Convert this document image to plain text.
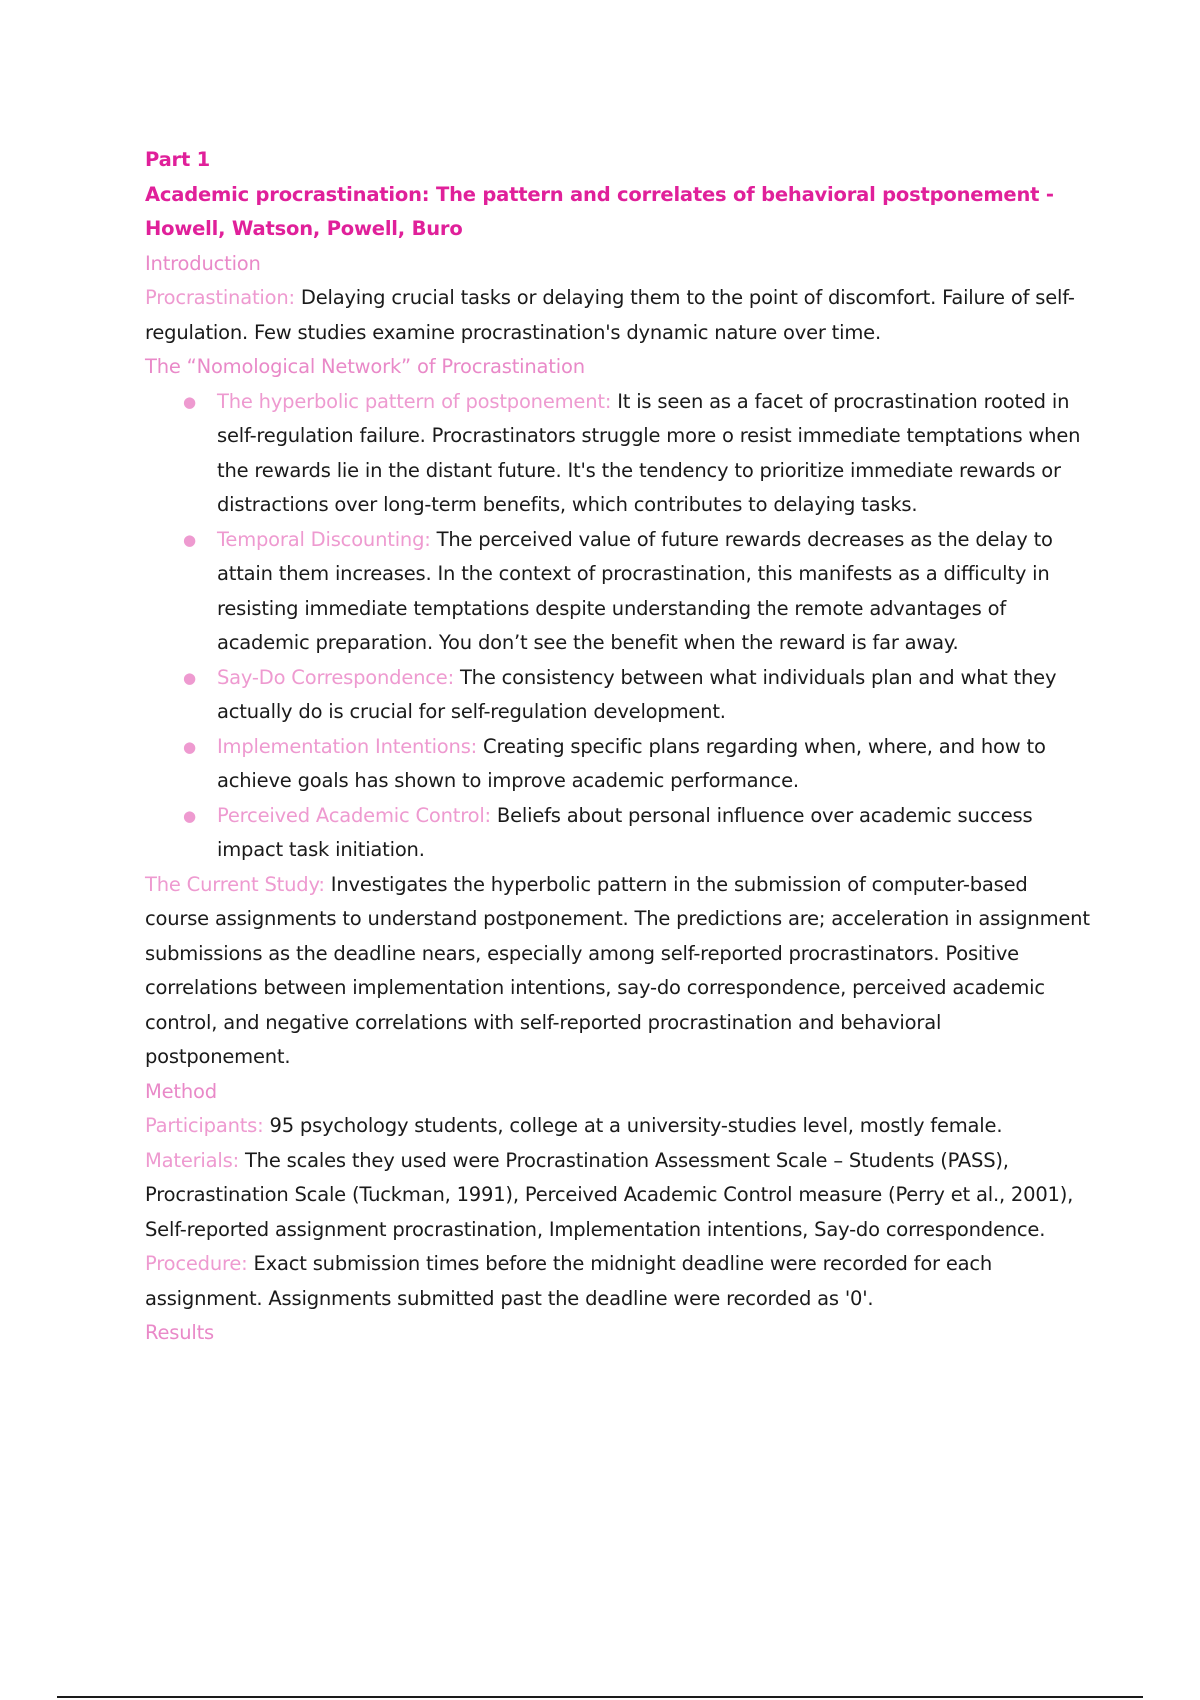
Part 1

Academic procrastination: The pattern and correlates of behavioral postponement -

Howell, Watson, Powell, Buro

Introduction

Procrastination: Delaying crucial tasks or delaying them to the point of discomfort. Failure of self-regulation. Few studies examine procrastination's dynamic nature over time.

The “Nomological Network” of Procrastination

● The hyperbolic pattern of postponement: It is seen as a facet of procrastination rooted in self-regulation failure. Procrastinators struggle more o resist immediate temptations when the rewards lie in the distant future. It's the tendency to prioritize immediate rewards or distractions over long-term benefits, which contributes to delaying tasks.
● Temporal Discounting: The perceived value of future rewards decreases as the delay to attain them increases. In the context of procrastination, this manifests as a difficulty in resisting immediate temptations despite understanding the remote advantages of academic preparation. You don’t see the benefit when the reward is far away.
● Say-Do Correspondence: The consistency between what individuals plan and what they actually do is crucial for self-regulation development.
● Implementation Intentions: Creating specific plans regarding when, where, and how to achieve goals has shown to improve academic performance.
● Perceived Academic Control: Beliefs about personal influence over academic success impact task initiation.

The Current Study: Investigates the hyperbolic pattern in the submission of computer-based course assignments to understand postponement. The predictions are; acceleration in assignment submissions as the deadline nears, especially among self-reported procrastinators. Positive correlations between implementation intentions, say-do correspondence, perceived academic control, and negative correlations with self-reported procrastination and behavioral postponement.

Method

Participants: 95 psychology students, college at a university-studies level, mostly female.

Materials: The scales they used were Procrastination Assessment Scale – Students (PASS), Procrastination Scale (Tuckman, 1991), Perceived Academic Control measure (Perry et al., 2001), Self-reported assignment procrastination, Implementation intentions, Say-do correspondence.

Procedure: Exact submission times before the midnight deadline were recorded for each assignment. Assignments submitted past the deadline were recorded as '0'.

Results
